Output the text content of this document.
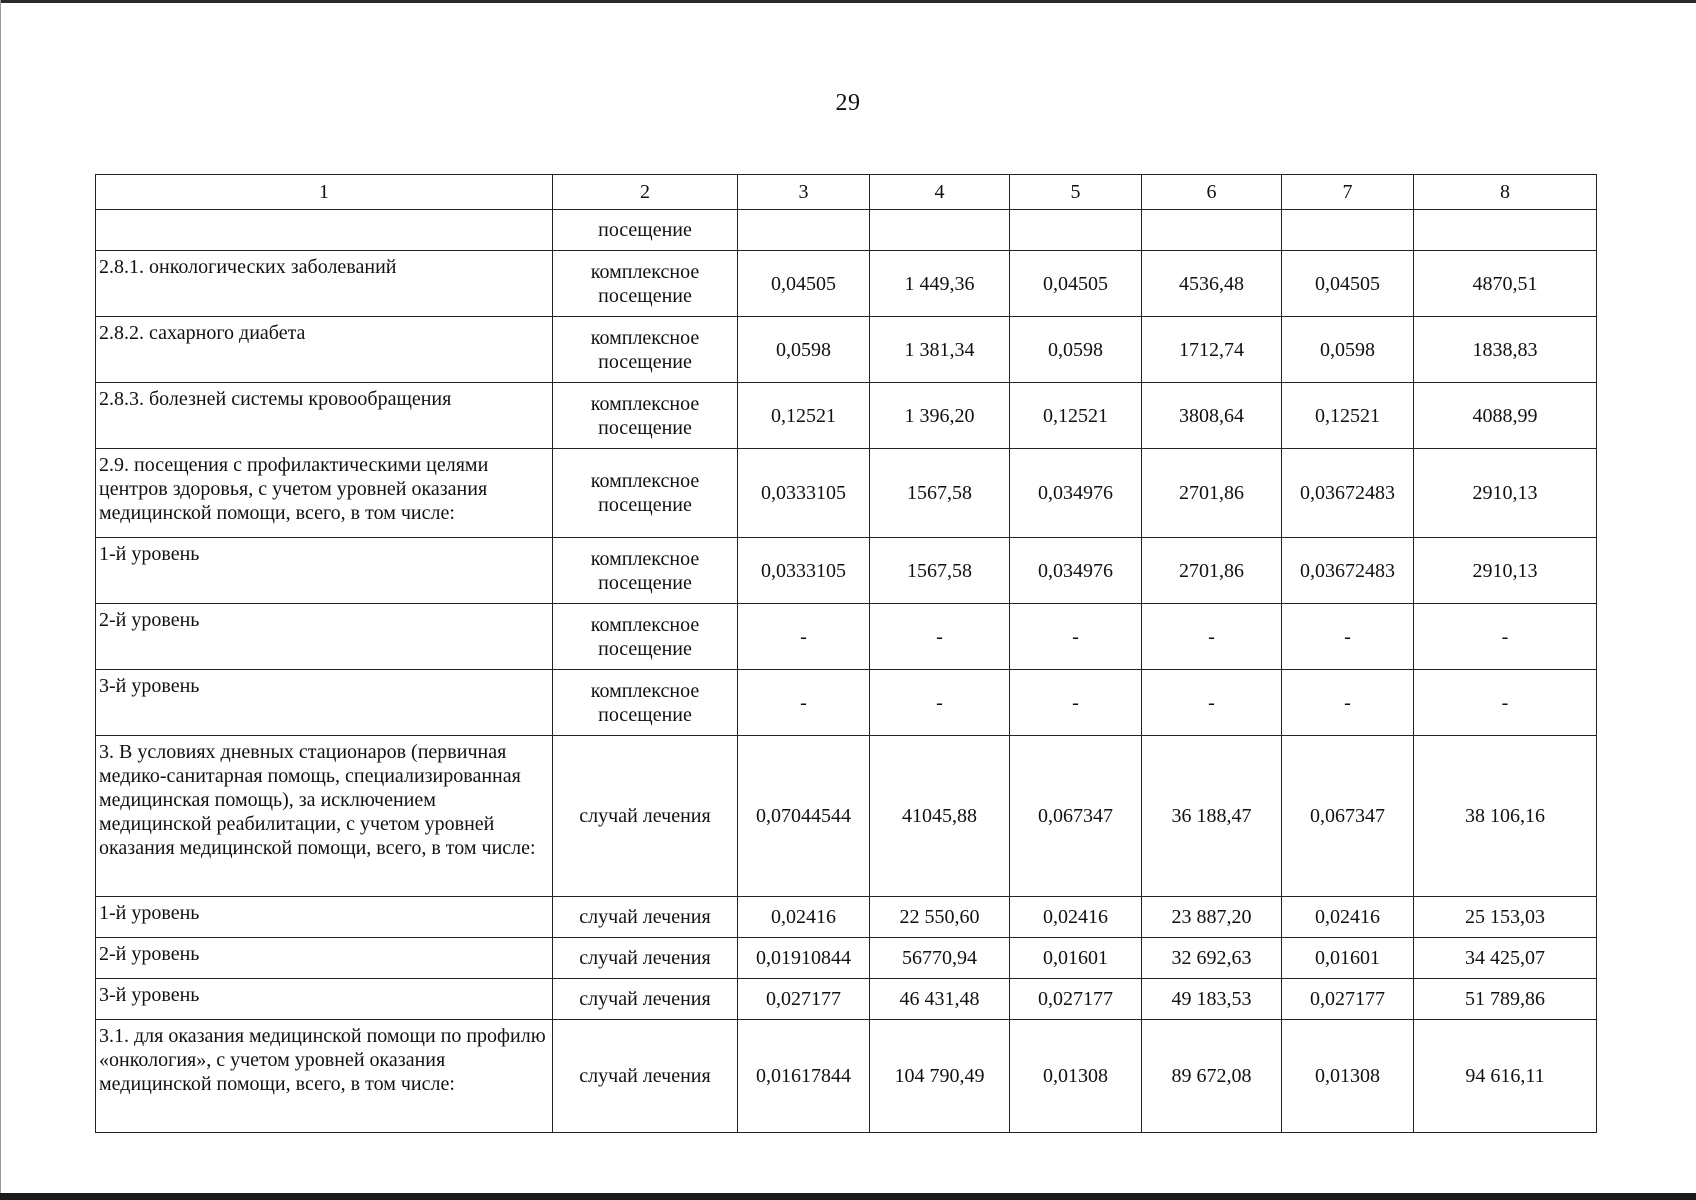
29
1	2	3	4	5	6	7	8
	посещение						
2.8.1. онкологических заболеваний	комплексное посещение	0,04505	1 449,36	0,04505	4536,48	0,04505	4870,51
2.8.2. сахарного диабета	комплексное посещение	0,0598	1 381,34	0,0598	1712,74	0,0598	1838,83
2.8.3. болезней системы кровообращения	комплексное посещение	0,12521	1 396,20	0,12521	3808,64	0,12521	4088,99
2.9. посещения с профилактическими целями центров здоровья, с учетом уровней оказания медицинской помощи, всего, в том числе:	комплексное посещение	0,0333105	1567,58	0,034976	2701,86	0,03672483	2910,13
1-й уровень	комплексное посещение	0,0333105	1567,58	0,034976	2701,86	0,03672483	2910,13
2-й уровень	комплексное посещение	-	-	-	-	-	-
3-й уровень	комплексное посещение	-	-	-	-	-	-
3. В условиях дневных стационаров (первичная медико-санитарная помощь, специализированная медицинская помощь), за исключением медицинской реабилитации, с учетом уровней оказания медицинской помощи, всего, в том числе:	случай лечения	0,07044544	41045,88	0,067347	36 188,47	0,067347	38 106,16
1-й уровень	случай лечения	0,02416	22 550,60	0,02416	23 887,20	0,02416	25 153,03
2-й уровень	случай лечения	0,01910844	56770,94	0,01601	32 692,63	0,01601	34 425,07
3-й уровень	случай лечения	0,027177	46 431,48	0,027177	49 183,53	0,027177	51 789,86
3.1. для оказания медицинской помощи по профилю «онкология», с учетом уровней оказания медицинской помощи, всего, в том числе:	случай лечения	0,01617844	104 790,49	0,01308	89 672,08	0,01308	94 616,11
